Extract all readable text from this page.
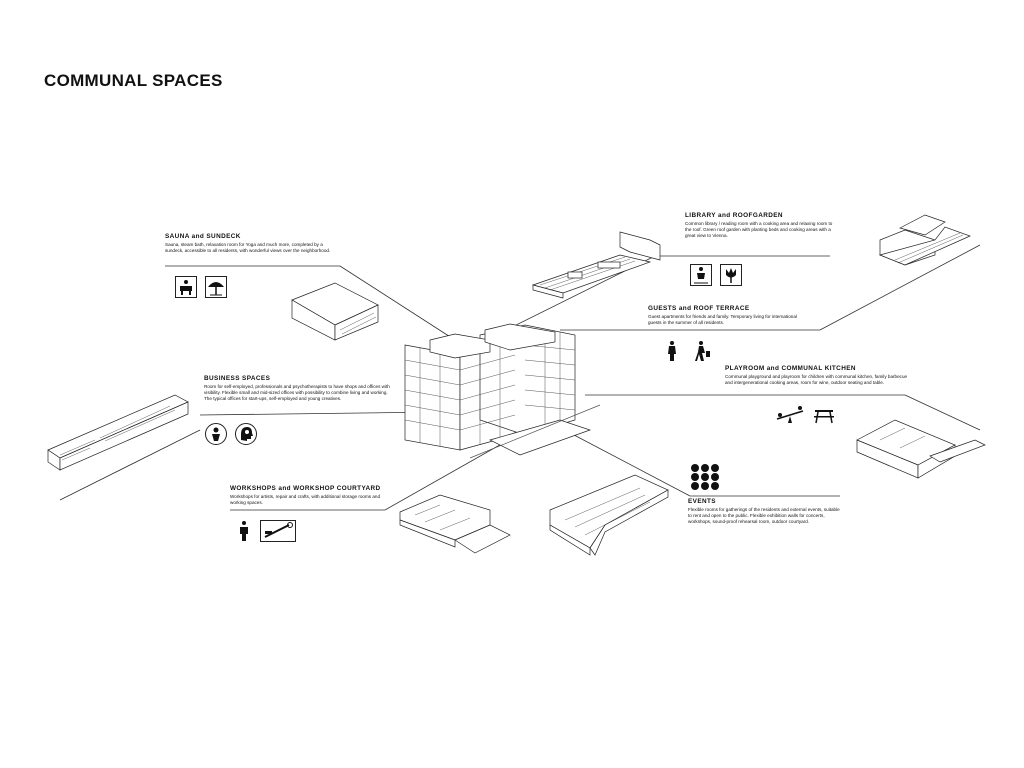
COMMUNAL SPACES
SAUNA and SUNDECK
Sauna, steam bath, relaxation room for Yoga and much more, completed by a sundeck, accessible to all residents, with wonderful views over the neighborhood.
LIBRARY and ROOFGARDEN
Common library / reading room with a cooking area and relaxing room to the roof. Green roof garden with planting beds and cooking areas with a great view to Vienna.
GUESTS and ROOF TERRACE
Guest apartments for friends and family. Temporary living for international guests in the summer of all residents.
BUSINESS SPACES
Room for self-employed, professionals and psychotherapists to have shops and offices with visibility. Flexible small and mid-sized offices with possibility to combine living and working. The typical offices for start-ups, self-employed and young creatives.
PLAYROOM and COMMUNAL KITCHEN
Communal playground and playroom for children with communal kitchen, family barbecue and intergenerational cooking areas, room for wine, outdoor seating and table.
WORKSHOPS and WORKSHOP COURTYARD
Workshops for artists, repair and crafts, with additional storage rooms and working spaces.	EVENTS
Flexible rooms for gatherings of the residents and external events, suitable to rent and open to the public. Flexible exhibition walls for concerts, workshops, sound-proof rehearsal room, outdoor courtyard.
